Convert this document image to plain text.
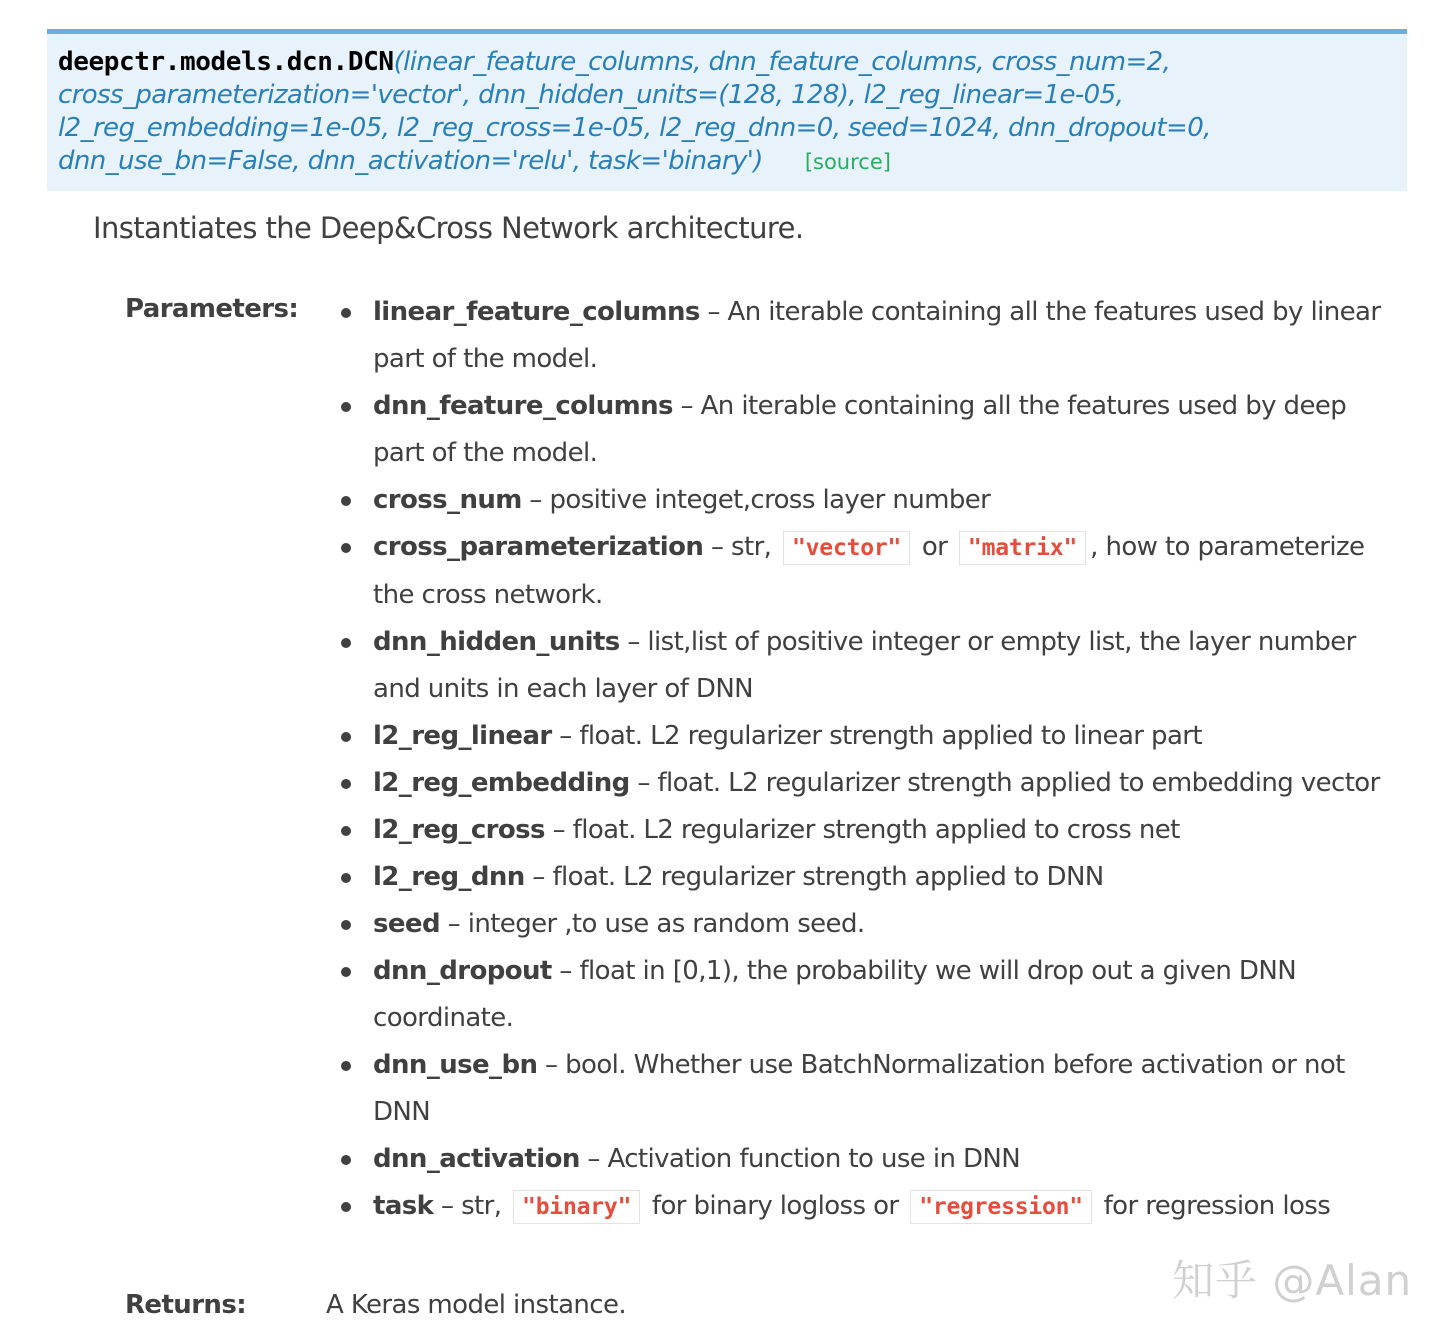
deepctr.models.dcn.DCN(linear_feature_columns, dnn_feature_columns, cross_num=2, cross_parameterization='vector', dnn_hidden_units=(128, 128), l2_reg_linear=1e-05, l2_reg_embedding=1e-05, l2_reg_cross=1e-05, l2_reg_dnn=0, seed=1024, dnn_dropout=0, dnn_use_bn=False, dnn_activation='relu', task='binary') [source]

Instantiates the Deep&Cross Network architecture.

Parameters:	linear_feature_columns – An iterable containing all the features used by linear part of the model.
dnn_feature_columns – An iterable containing all the features used by deep part of the model.
cross_num – positive integet,cross layer number
cross_parameterization – str, "vector" or "matrix" , how to parameterize the cross network.
dnn_hidden_units – list,list of positive integer or empty list, the layer number and units in each layer of DNN
l2_reg_linear – float. L2 regularizer strength applied to linear part
l2_reg_embedding – float. L2 regularizer strength applied to embedding vector
l2_reg_cross – float. L2 regularizer strength applied to cross net
l2_reg_dnn – float. L2 regularizer strength applied to DNN
seed – integer ,to use as random seed.
dnn_dropout – float in [0,1), the probability we will drop out a given DNN coordinate.
dnn_use_bn – bool. Whether use BatchNormalization before activation or not DNN
dnn_activation – Activation function to use in DNN
task – str, "binary" for binary logloss or "regression" for regression loss
Returns:	A Keras model instance.	知乎 @Alan
